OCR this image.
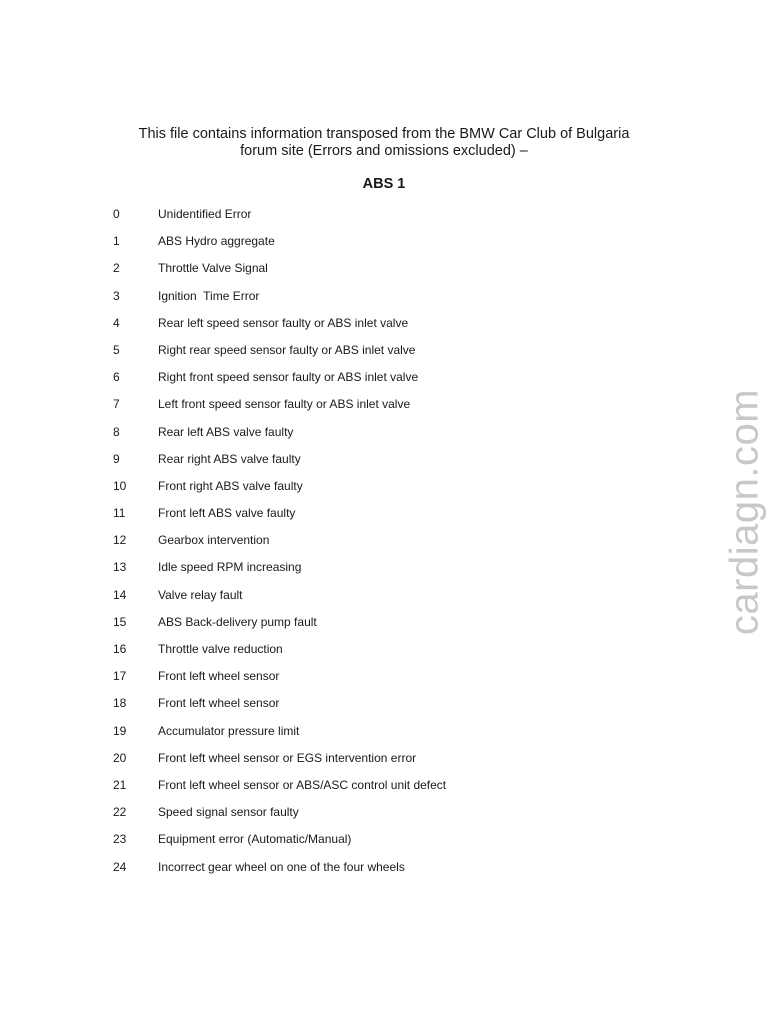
This file contains information transposed from the BMW Car Club of Bulgaria
forum site (Errors and omissions excluded) –
ABS 1
0	Unidentified Error
1	ABS Hydro aggregate
2	Throttle Valve Signal
3	Ignition  Time Error
4	Rear left speed sensor faulty or ABS inlet valve
5	Right rear speed sensor faulty or ABS inlet valve
6	Right front speed sensor faulty or ABS inlet valve
7	Left front speed sensor faulty or ABS inlet valve
8	Rear left ABS valve faulty
9	Rear right ABS valve faulty
10	Front right ABS valve faulty
11	Front left ABS valve faulty
12	Gearbox intervention
13	Idle speed RPM increasing
14	Valve relay fault
15	ABS Back-delivery pump fault
16	Throttle valve reduction
17	Front left wheel sensor
18	Front left wheel sensor
19	Accumulator pressure limit
20	Front left wheel sensor or EGS intervention error
21	Front left wheel sensor or ABS/ASC control unit defect
22	Speed signal sensor faulty
23	Equipment error (Automatic/Manual)
24	Incorrect gear wheel on one of the four wheels
cardiagn.com
